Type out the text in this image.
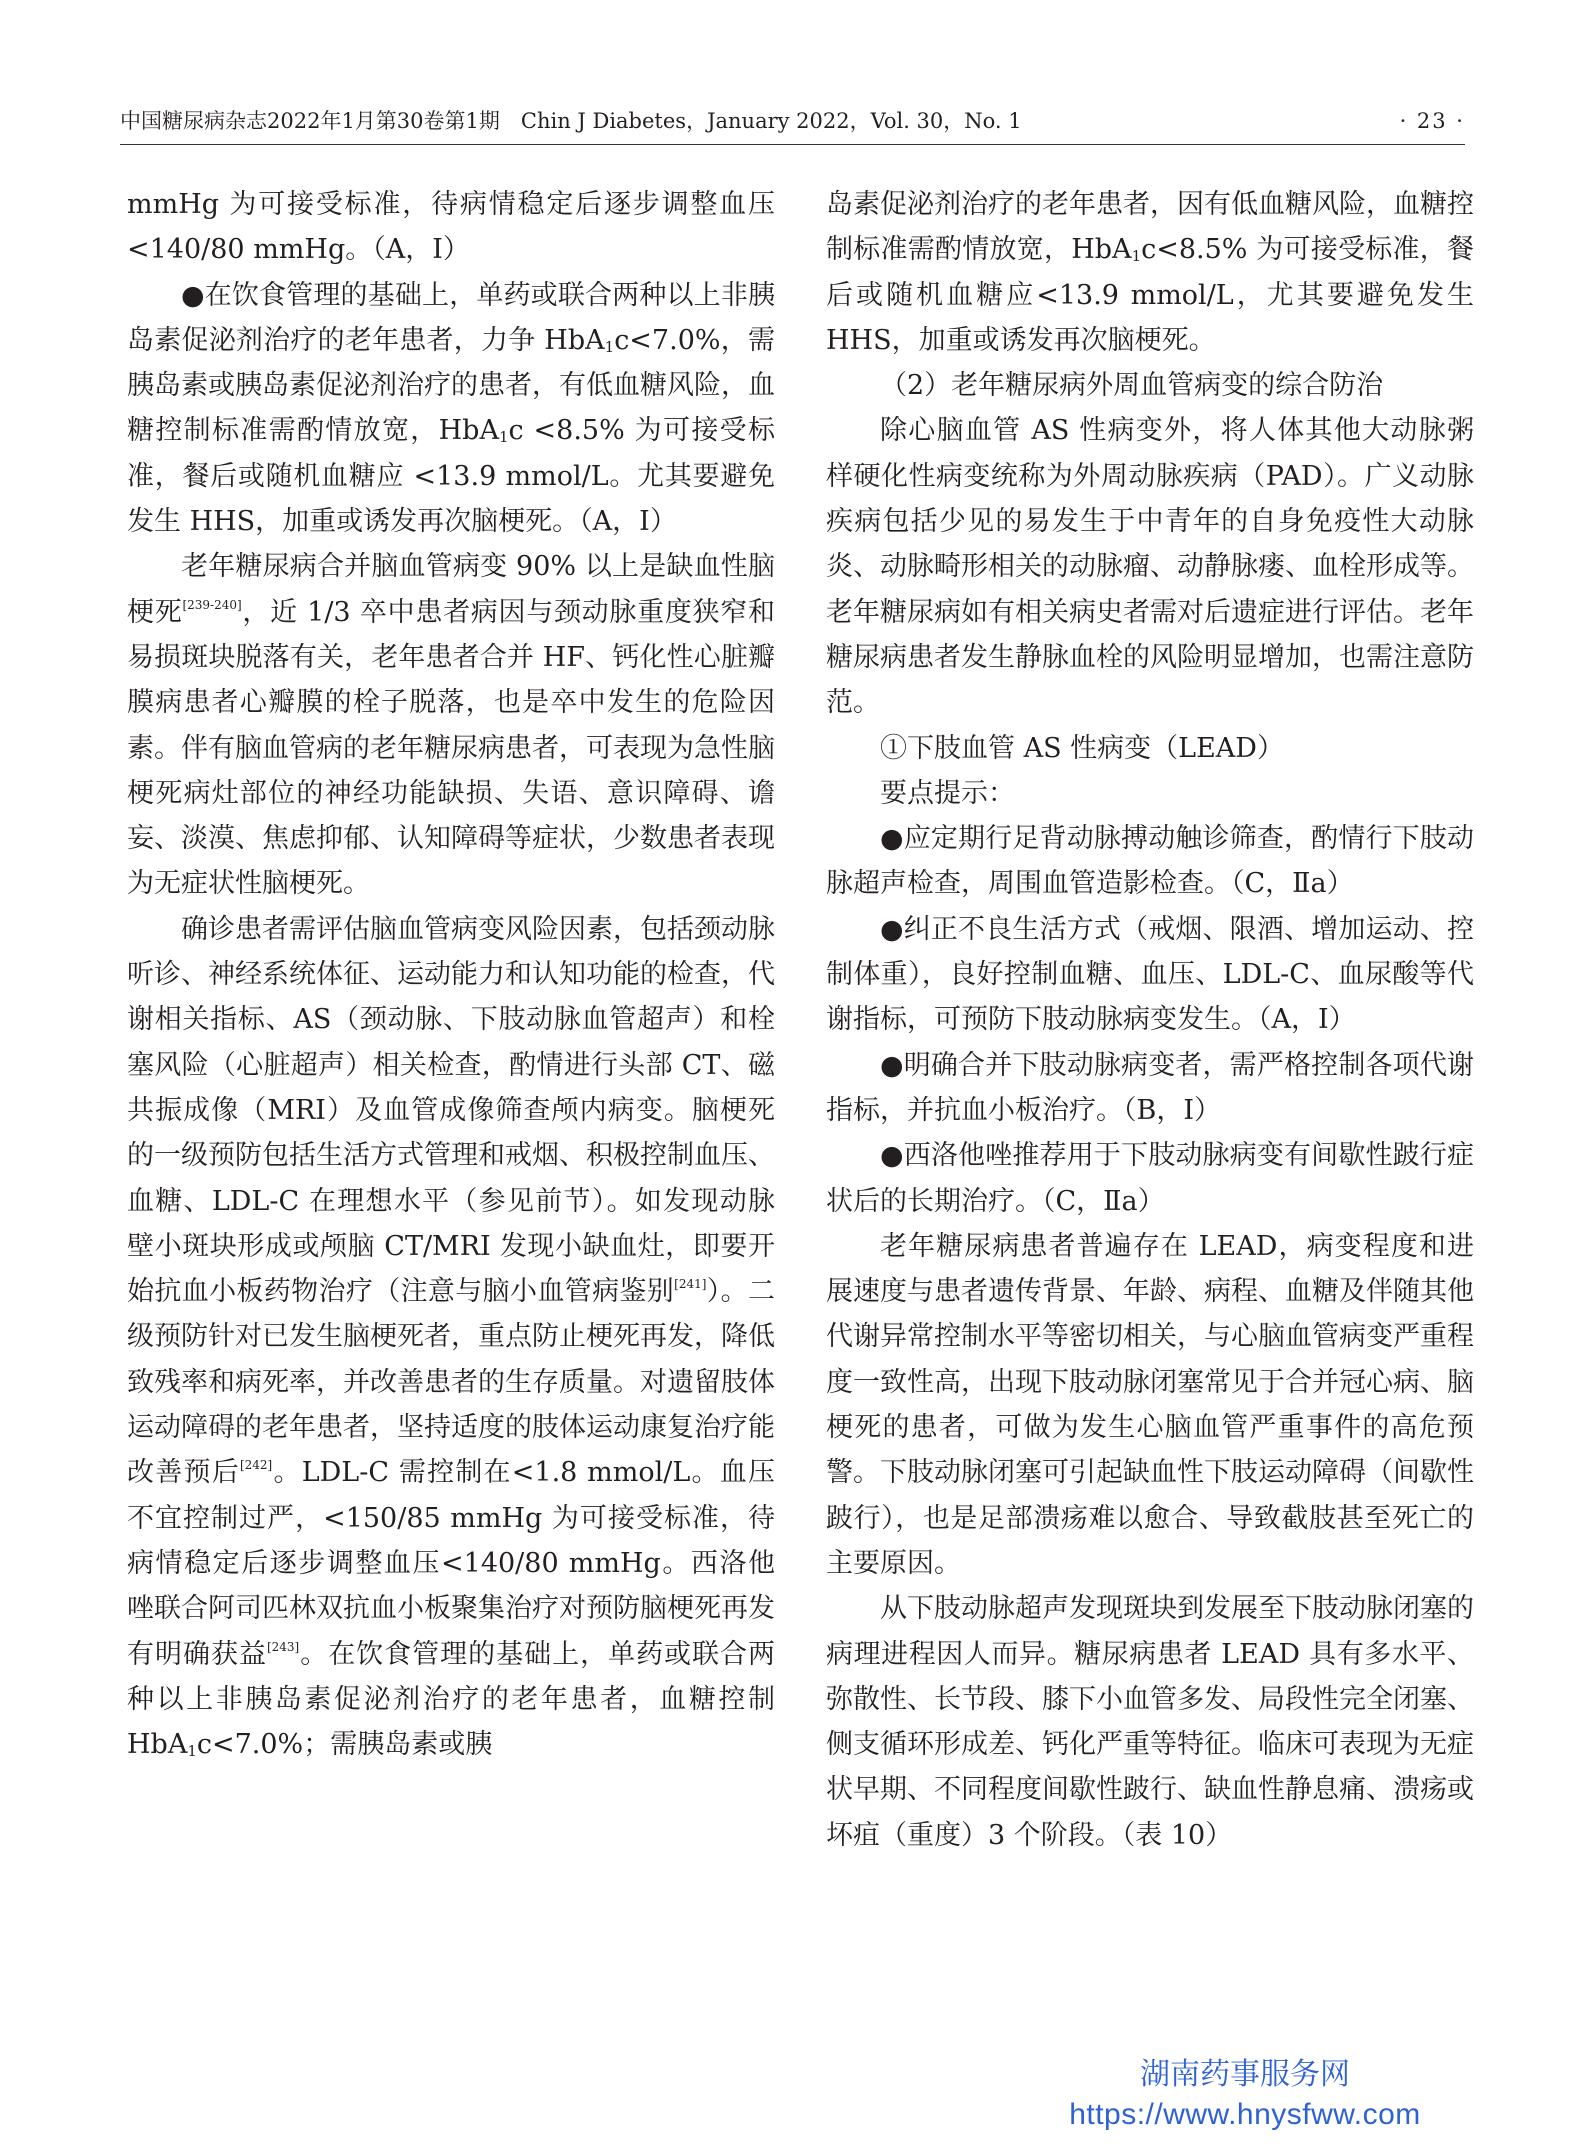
中国糖尿病杂志2022年1月第30卷第1期　Chin J Diabetes，January 2022，Vol. 30，No. 1	· 23 ·

mmHg 为可接受标准，待病情稳定后逐步调整血压<140/80 mmHg。（A，Ⅰ）

●在饮食管理的基础上，单药或联合两种以上非胰岛素促泌剂治疗的老年患者，力争 HbA$_1$c<7.0%，需胰岛素或胰岛素促泌剂治疗的患者，有低血糖风险，血糖控制标准需酌情放宽，HbA$_1$c <8.5% 为可接受标准，餐后或随机血糖应 <13.9 mmol/L。尤其要避免发生 HHS，加重或诱发再次脑梗死。（A，Ⅰ）

老年糖尿病合并脑血管病变 90% 以上是缺血性脑梗死[239-240]，近 1/3 卒中患者病因与颈动脉重度狭窄和易损斑块脱落有关，老年患者合并 HF、钙化性心脏瓣膜病患者心瓣膜的栓子脱落，也是卒中发生的危险因素。伴有脑血管病的老年糖尿病患者，可表现为急性脑梗死病灶部位的神经功能缺损、失语、意识障碍、谵妄、淡漠、焦虑抑郁、认知障碍等症状，少数患者表现为无症状性脑梗死。

确诊患者需评估脑血管病变风险因素，包括颈动脉听诊、神经系统体征、运动能力和认知功能的检查，代谢相关指标、AS（颈动脉、下肢动脉血管超声）和栓塞风险（心脏超声）相关检查，酌情进行头部 CT、磁共振成像（MRI）及血管成像筛查颅内病变。脑梗死的一级预防包括生活方式管理和戒烟、积极控制血压、血糖、LDL-C 在理想水平（参见前节）。如发现动脉壁小斑块形成或颅脑 CT/MRI 发现小缺血灶，即要开始抗血小板药物治疗（注意与脑小血管病鉴别[241]）。二级预防针对已发生脑梗死者，重点防止梗死再发，降低致残率和病死率，并改善患者的生存质量。对遗留肢体运动障碍的老年患者，坚持适度的肢体运动康复治疗能改善预后[242]。LDL-C 需控制在<1.8 mmol/L。血压不宜控制过严，<150/85 mmHg 为可接受标准，待病情稳定后逐步调整血压<140/80 mmHg。西洛他唑联合阿司匹林双抗血小板聚集治疗对预防脑梗死再发有明确获益[243]。在饮食管理的基础上，单药或联合两种以上非胰岛素促泌剂治疗的老年患者，血糖控制 HbA$_1$c<7.0%；需胰岛素或胰

岛素促泌剂治疗的老年患者，因有低血糖风险，血糖控制标准需酌情放宽，HbA$_1$c<8.5% 为可接受标准，餐后或随机血糖应<13.9 mmol/L，尤其要避免发生 HHS，加重或诱发再次脑梗死。

（2）老年糖尿病外周血管病变的综合防治

除心脑血管 AS 性病变外，将人体其他大动脉粥样硬化性病变统称为外周动脉疾病（PAD）。广义动脉疾病包括少见的易发生于中青年的自身免疫性大动脉炎、动脉畸形相关的动脉瘤、动静脉瘘、血栓形成等。老年糖尿病如有相关病史者需对后遗症进行评估。老年糖尿病患者发生静脉血栓的风险明显增加，也需注意防范。

①下肢血管 AS 性病变（LEAD）

要点提示：

●应定期行足背动脉搏动触诊筛查，酌情行下肢动脉超声检查，周围血管造影检查。（C，Ⅱa）

●纠正不良生活方式（戒烟、限酒、增加运动、控制体重），良好控制血糖、血压、LDL-C、血尿酸等代谢指标，可预防下肢动脉病变发生。（A，Ⅰ）

●明确合并下肢动脉病变者，需严格控制各项代谢指标，并抗血小板治疗。（B，Ⅰ）

●西洛他唑推荐用于下肢动脉病变有间歇性跛行症状后的长期治疗。（C，Ⅱa）

老年糖尿病患者普遍存在 LEAD，病变程度和进展速度与患者遗传背景、年龄、病程、血糖及伴随其他代谢异常控制水平等密切相关，与心脑血管病变严重程度一致性高，出现下肢动脉闭塞常见于合并冠心病、脑梗死的患者，可做为发生心脑血管严重事件的高危预警。下肢动脉闭塞可引起缺血性下肢运动障碍（间歇性跛行），也是足部溃疡难以愈合、导致截肢甚至死亡的主要原因。

从下肢动脉超声发现斑块到发展至下肢动脉闭塞的病理进程因人而异。糖尿病患者 LEAD 具有多水平、弥散性、长节段、膝下小血管多发、局段性完全闭塞、侧支循环形成差、钙化严重等特征。临床可表现为无症状早期、不同程度间歇性跛行、缺血性静息痛、溃疡或坏疽（重度）3 个阶段。（表 10）

湖南药事服务网
https://www.hnysfww.com
